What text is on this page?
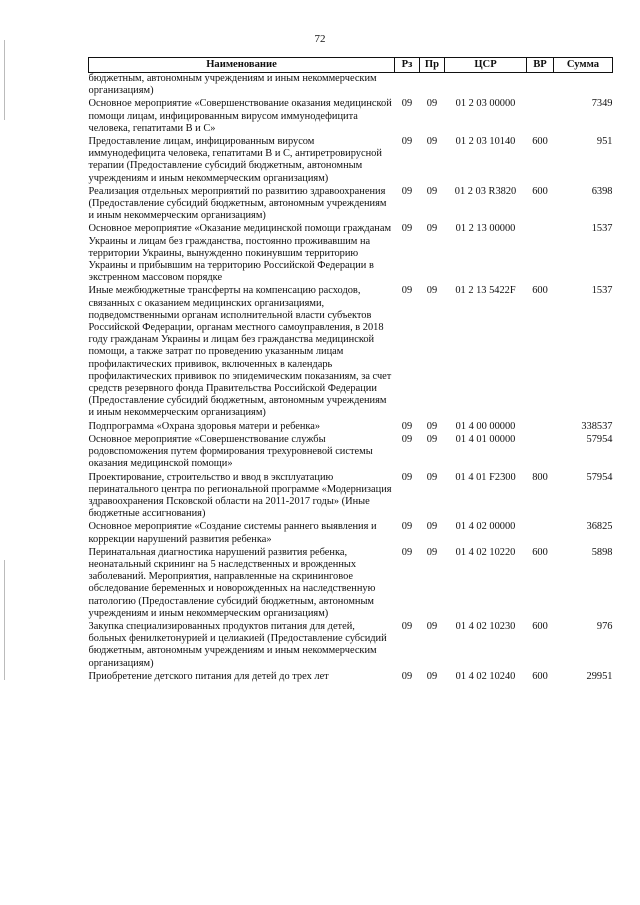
72
Наименование	Рз	Пр	ЦСР	ВР	Сумма
бюджетным, автономным учреждениям и иным некоммерческим организациям)					
Основное мероприятие «Совершенствование оказания медицинской помощи лицам, инфицированным вирусом иммунодефицита человека, гепатитами В и С»	09	09	01 2 03 00000		7349
Предоставление лицам, инфицированным вирусом иммунодефицита человека, гепатитами В и С, антиретровирусной терапии (Предоставление субсидий бюджетным, автономным учреждениям и иным некоммерческим организациям)	09	09	01 2 03 10140	600	951
Реализация отдельных мероприятий по развитию здравоохранения (Предоставление субсидий бюджетным, автономным учреждениям и иным некоммерческим организациям)	09	09	01 2 03 R3820	600	6398
Основное мероприятие «Оказание медицинской помощи гражданам Украины и лицам без гражданства, постоянно проживавшим на территории Украины, вынужденно покинувшим территорию Украины и прибывшим на территорию Российской Федерации в экстренном массовом порядке	09	09	01 2 13 00000		1537
Иные межбюджетные трансферты на компенсацию расходов, связанных с оказанием медицинских организациями, подведомственными органам исполнительной власти субъектов Российской Федерации, органам местного самоуправления, в 2018 году гражданам Украины и лицам без гражданства медицинской помощи, а также затрат по проведению указанным лицам профилактических прививок, включенных в календарь профилактических прививок по эпидемическим показаниям, за счет средств резервного фонда Правительства Российской Федерации (Предоставление субсидий бюджетным, автономным учреждениям и иным некоммерческим организациям)	09	09	01 2 13 5422F	600	1537
Подпрограмма «Охрана здоровья матери и ребенка»	09	09	01 4 00 00000		338537
Основное мероприятие «Совершенствование службы родовспоможения путем формирования трехуровневой системы оказания медицинской помощи»	09	09	01 4 01 00000		57954
Проектирование, строительство и ввод в эксплуатацию перинатального центра по региональной программе «Модернизация здравоохранения Псковской области на 2011-2017 годы» (Иные бюджетные ассигнования)	09	09	01 4 01 F2300	800	57954
Основное мероприятие «Создание системы раннего выявления и коррекции нарушений развития ребенка»	09	09	01 4 02 00000		36825
Перинатальная диагностика нарушений развития ребенка, неонатальный скрининг на 5 наследственных и врожденных заболеваний. Мероприятия, направленные на скрининговое обследование беременных и новорожденных на наследственную патологию (Предоставление субсидий бюджетным, автономным учреждениям и иным некоммерческим организациям)	09	09	01 4 02 10220	600	5898
Закупка специализированных продуктов питания для детей, больных фенилкетонурией и целиакией (Предоставление субсидий бюджетным, автономным учреждениям и иным некоммерческим организациям)	09	09	01 4 02 10230	600	976
Приобретение детского питания для детей до трех лет	09	09	01 4 02 10240	600	29951
